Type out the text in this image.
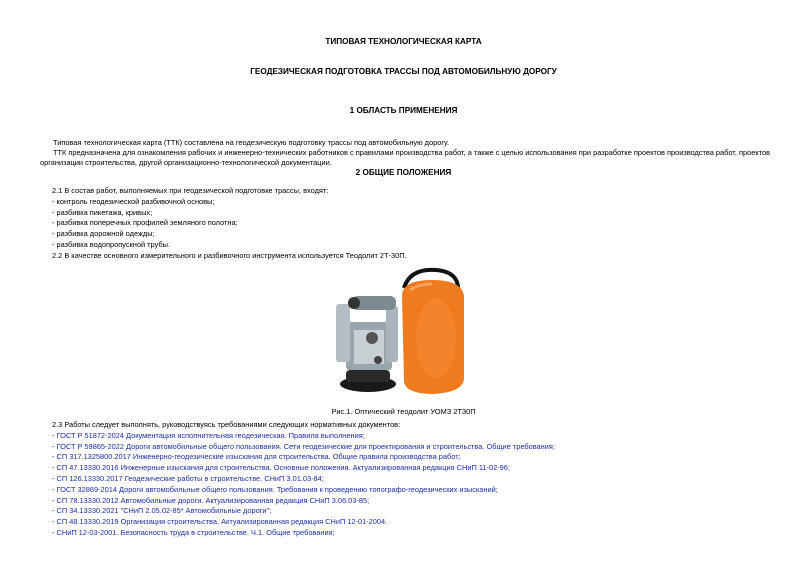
ТИПОВАЯ ТЕХНОЛОГИЧЕСКАЯ КАРТА
ГЕОДЕЗИЧЕСКАЯ ПОДГОТОВКА ТРАССЫ ПОД АВТОМОБИЛЬНУЮ ДОРОГУ
1 ОБЛАСТЬ ПРИМЕНЕНИЯ
Типовая технологическая карта (ТТК) составлена на геодезическую подготовку трассы под автомобильную дорогу.
ТТК предназначена для ознакомления рабочих и инженерно-технических работников с правилами производства работ, а также с целью использования при разработке проектов производства работ, проектов организации строительства, другой организационно-технологической документации.
2 ОБЩИЕ ПОЛОЖЕНИЯ
2.1 В состав работ, выполняемых при геодезической подготовке трассы, входят:
- контроль геодезической разбивочной основы;
- разбивка пикетажа, кривых;
- разбивка поперечных профилей земляного полотна;
- разбивка дорожной одежды;
- разбивка водопропускной трубы.
2.2 В качестве основного измерительного и разбивочного инструмента используется Теодолит 2Т-30П.
Рис.1. Оптический теодолит УОМЗ 2Т30П
2.3 Работы следует выполнять, руководствуясь требованиями следующих нормативных документов:
- ГОСТ Р 51872-2024 Документация исполнительная геодезическая. Правила выполнения;
- ГОСТ Р 59865-2022 Дороги автомобильные общего пользования. Сети геодезические для проектирования и строительства. Общие требования;
- СП 317.1325800.2017 Инженерно-геодезические изыскания для строительства. Общие правила производства работ;
- СП 47.13330.2016 Инженерные изыскания для строительства. Основные положения. Актуализированная редакция СНиП 11-02-96;
- СП 126.13330.2017 Геодезические работы в строительстве. СНиП 3.01.03-84;
- ГОСТ 32869-2014 Дороги автомобильные общего пользования. Требования к проведению топографо-геодезических изысканий;
- СП 78.13330.2012 Автомобильные дороги. Актуализированная редакция СНиП 3.06.03-85;
- СП 34.13330.2021 "СНиП 2.05.02-85* Автомобильные дороги";
- СП 48.13330.2019 Организация строительства. Актуализированная редакция СНиП 12-01-2004.
- СНиП 12-03-2001. Безопасность труда в строительстве. Ч.1. Общие требования;
